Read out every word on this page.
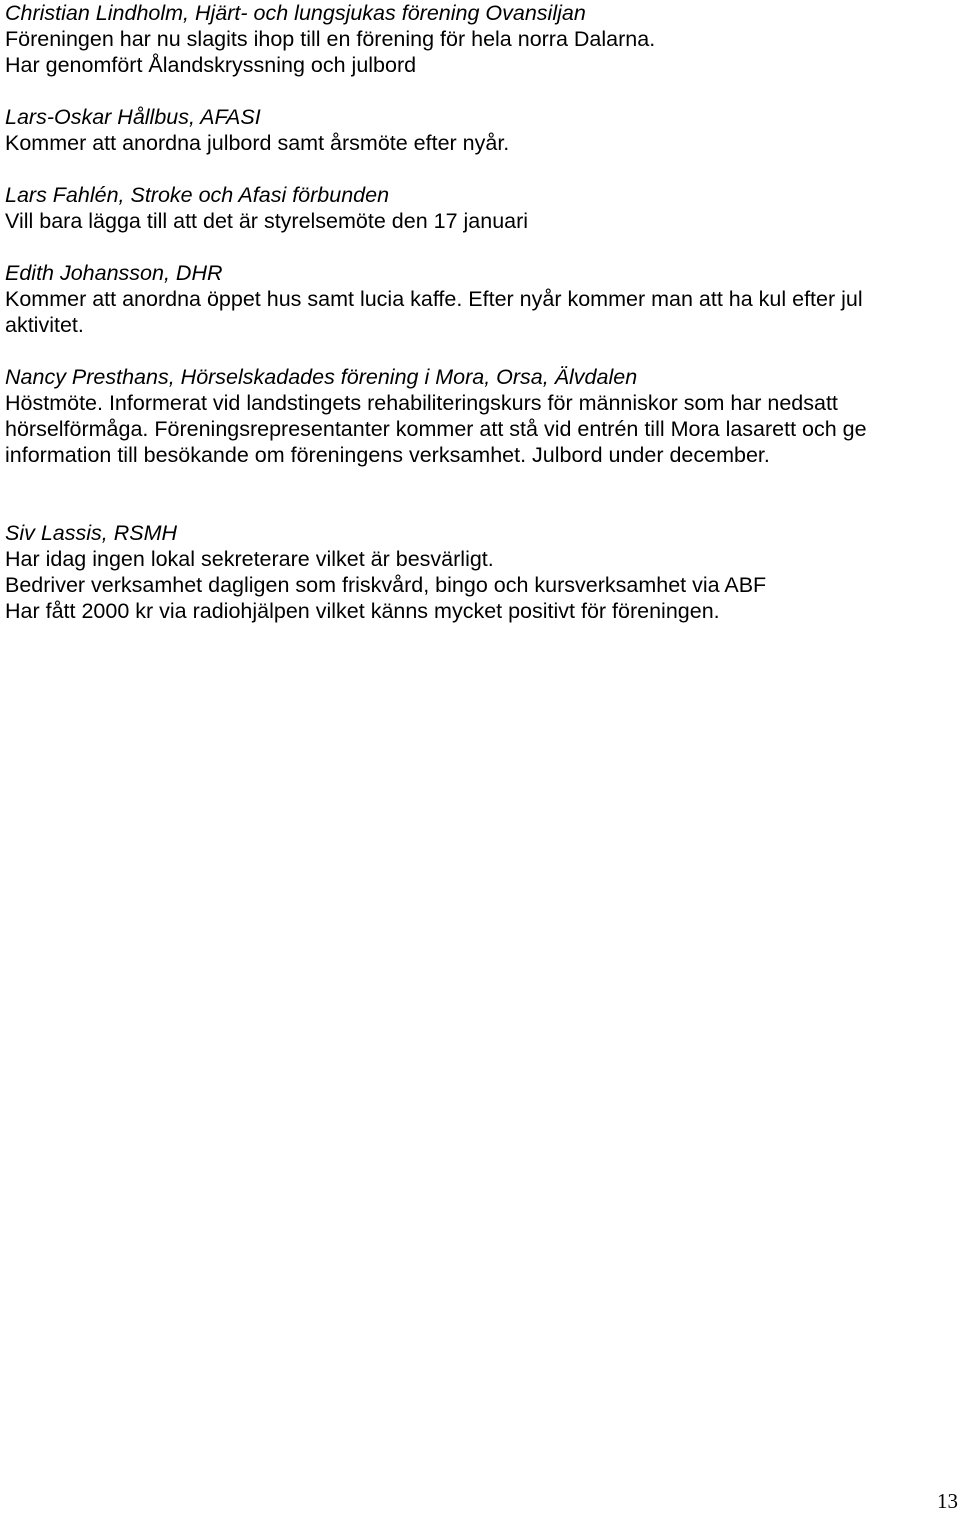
Christian Lindholm, Hjärt- och lungsjukas förening Ovansiljan

Föreningen har nu slagits ihop till en förening för hela norra Dalarna.

Har genomfört Ålandskryssning och julbord

Lars-Oskar Hållbus, AFASI

Kommer att anordna julbord samt årsmöte efter nyår.

Lars Fahlén, Stroke och Afasi förbunden

Vill bara lägga till att det är styrelsemöte den 17 januari

Edith Johansson, DHR

Kommer att anordna öppet hus samt lucia kaffe. Efter nyår kommer man att ha kul efter jul aktivitet.

Nancy Presthans, Hörselskadades förening i Mora, Orsa, Älvdalen

Höstmöte. Informerat vid landstingets rehabiliteringskurs för människor som har nedsatt hörselförmåga. Föreningsrepresentanter kommer att stå vid entrén till Mora lasarett och ge information till besökande om föreningens verksamhet. Julbord under december.

Siv Lassis, RSMH

Har idag ingen lokal sekreterare vilket är besvärligt.

Bedriver verksamhet dagligen som friskvård, bingo och kursverksamhet via ABF

Har fått 2000 kr via radiohjälpen vilket känns mycket positivt för föreningen.

13
